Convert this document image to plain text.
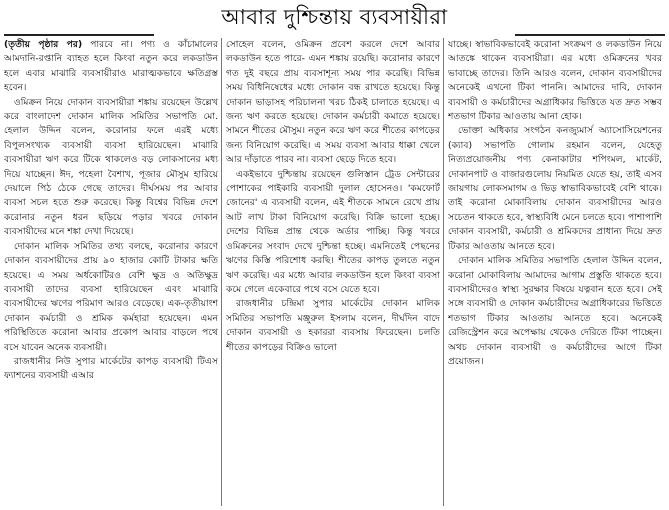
আবার দুশ্চিন্তায় ব্যবসায়ীরা

(তৃতীয় পৃষ্ঠার পর) পারবে না। পণ্য ও কাঁচামালের আমদানি-রপ্তানি ব্যাহত হলে কিংবা নতুন করে লকডাউন হলে এবার মাঝারি ব্যবসায়ীরাও মারাত্মকভাবে ক্ষতিগ্রস্ত হবেন।

ওমিক্রন নিয়ে দোকান ব্যবসায়ীরা শঙ্কায় রয়েছেন উল্লেখ করে বাংলাদেশ দোকান মালিক সমিতির সভাপতি মো. হেলাল উদ্দিন বলেন, করোনার ফলে এরই মধ্যে বিপুলসংখ্যক ব্যবসায়ী ব্যবসা হারিয়েছেন। মাঝারি ব্যবসায়ীরা ঋণ করে টিকে থাকলেও বড় লোকসানের মধ্য দিয়ে যাচ্ছেন। ঈদ, পহেলা বৈশাখ, পূজার মৌসুম হারিয়ে দেয়ালে পিঠ ঠেকে গেছে তাদের। দীর্ঘসময় পর আবার ব্যবসা সচল হতে শুরু করেছে। কিন্তু বিশ্বের বিভিন্ন দেশে করোনার নতুন ধরন ছড়িয়ে পড়ার খবরে দোকান ব্যবসায়ীদের মনে শঙ্কা দেখা দিয়েছে।

দোকান মালিক সমিতির তথ্য বলছে, করোনার কারণে দোকান ব্যবসায়ীদের প্রায় ৯০ হাজার কোটি টাকার ক্ষতি হয়েছে। এ সময় অর্ধকোটিরও বেশি ক্ষুদ্র ও অতিক্ষুদ্র ব্যবসায়ী তাদের ব্যবসা হারিয়েছেন এবং মাঝারি ব্যবসায়ীদের ঋণের পরিমাণ আরও বেড়েছে। এক-তৃতীয়াংশ দোকান কর্মচারী ও শ্রমিক কর্মহারা হয়েছেন। এমন পরিস্থিতিতে করোনা আবার প্রকোপ আবার বাড়লে পথে বসে যাবেন অনেক ব্যবসায়ী।

রাজধানীর নিউ সুপার মার্কেটের কাপড় ব্যবসায়ী টিএস ফ্যাশনের ব্যবসায়ী এআর

সোহেল বলেন, ওমিক্রন প্রবেশ করলে দেশে আবার লকডাউন হতে পারে- এমন শঙ্কায় রয়েছি। করোনার কারণে গত দুই বছরে প্রায় ব্যবসাশূন্য সময় পার করেছি। বিভিন্ন সময় বিধিনিষেধের মধ্যে দোকান বন্ধ রাখতে হয়েছে। কিন্তু দোকান ভাড়াসহ পরিচালনা খরচ ঠিকই চালাতে হয়েছে। এ জন্য ঋণ করতে হয়েছে। দোকান কর্মচারী কমাতে হয়েছে। সামনে শীতের মৌসুম। নতুন করে ঋণ করে শীতের কাপড়ের জন্য বিনিয়োগ করেছি। এ সময় ব্যবসা আবার ধাক্কা খেলে আর দাঁড়াতে পারব না। ব্যবসা ছেড়ে দিতে হবে।

একইভাবে দুশ্চিন্তায় রয়েছেন গুলিস্তান ট্রেড সেন্টারের পোশাকের পাইকারি ব্যবসায়ী দুলাল হোসেনও। 'কমফোর্ট জোনের' এ ব্যবসায়ী বলেন, এই শীতকে সামনে রেখে প্রায় আট লাখ টাকা বিনিয়োগ করেছি। বিক্রি ভালো হচ্ছে। দেশের বিভিন্ন প্রান্ত থেকে অর্ডার পাচ্ছি। কিন্তু খবরে ওমিক্রনের সংবাদ দেখে দুশ্চিন্তা হচ্ছে। এমনিতেই পেছনের ঋণের কিস্তি পরিশোধ করছি। শীতের কাপড় তুলতে নতুন ঋণ করেছি। এর মধ্যে আবার লকডাউন হলে কিংবা ব্যবসা কমে গেলে একেবারে পথে বসে যেতে হবে।

রাজধানীর চন্দ্রিমা সুপার মার্কেটের দোকান মালিক সমিতির সভাপতি মঞ্জুরুল ইসলাম বলেন, দীর্ঘদিন বাদে দোকান ব্যবসায়ী ও হকাররা ব্যবসায় ফিরেছেন। চলতি শীতের কাপড়ের বিক্রিও ভালো

যাচ্ছে। স্বাভাবিকভাবেই করোনা সংক্রমণ ও লকডাউন নিয়ে আতঙ্কে থাকেন ব্যবসায়ীরা। এর মধ্যে ওমিক্রনের খবর ভাবাচ্ছে তাদের। তিনি আরও বলেন, দোকান ব্যবসায়ীদের অনেকেই এখনো টিকা পাননি। আমাদের দাবি, দোকান ব্যবসায়ী ও কর্মচারীদের অগ্রাধিকার ভিত্তিতে যত দ্রুত সম্ভব শতভাগ টিকার আওতায় আনা হোক।

ভোক্তা অধিকার সংগঠন কনজ্যুমার্স অ্যাসোসিয়েশনের (ক্যাব) সভাপতি গোলাম রহমান বলেন, যেহেতু নিত্যপ্রয়োজনীয় পণ্য কেনাকাটার শপিংমল, মার্কেট, দোকানপাট ও বাজারগুলোয় নিয়মিত যেতে হয়, তাই এসব জায়গায় লোকসমাগম ও ভিড় স্বাভাবিকভাবেই বেশি থাকে। তাই করোনা মোকাবিলায় দোকান ব্যবসায়ীদের আরও সচেতন থাকতে হবে, স্বাস্থ্যবিধি মেনে চলতে হবে। পাশাপাশি দোকান ব্যবসায়ী, কর্মচারী ও শ্রমিকদের প্রাধান্য দিয়ে দ্রুত টিকার আওতায় আনতে হবে।

দোকান মালিক সমিতির সভাপতি হেলাল উদ্দিন বলেন, করোনা মোকাবিলায় আমাদের আগাম প্রস্তুতি থাকতে হবে। ব্যবসায়ীদেরও স্বাস্থ্য সুরক্ষার বিষয়ে যত্নবান হতে হবে। সেই সঙ্গে ব্যবসায়ী ও দোকান কর্মচারীদের অগ্রাধিকারের ভিত্তিতে শতভাগ টিকার আওতায় আনতে হবে। অনেকেই রেজিস্ট্রেশন করে অপেক্ষায় থেকেও দেরিতে টিকা পাচ্ছেন। অথচ দোকান ব্যবসায়ী ও কর্মচারীদের আগে টিকা প্রয়োজন।
